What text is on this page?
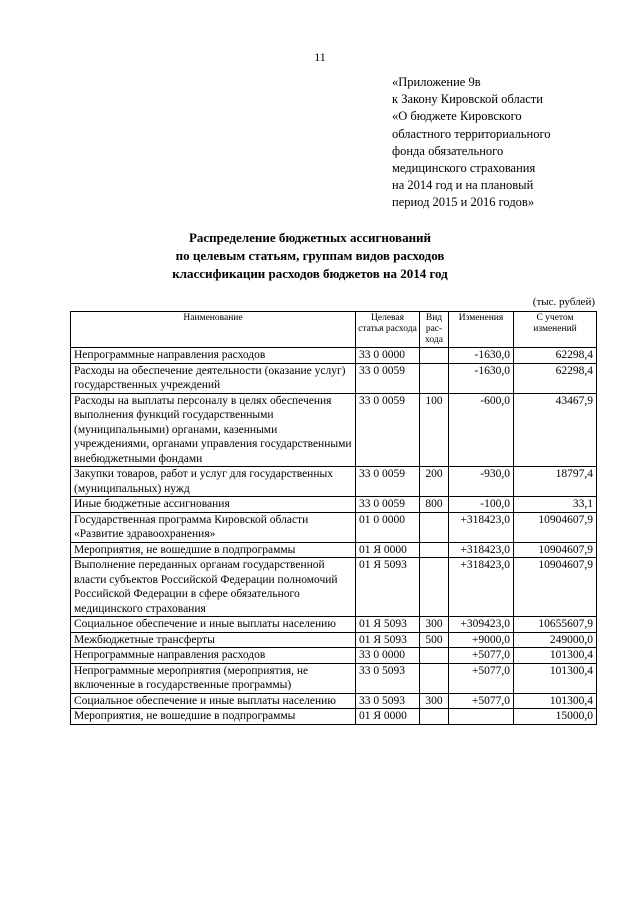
11
«Приложение 9в
к Закону Кировской области
«О бюджете Кировского
областного территориального
фонда обязательного
медицинского страхования
на 2014 год и на плановый
период 2015 и 2016 годов»
Распределение бюджетных ассигнований
по целевым статьям, группам видов расходов
классификации расходов бюджетов на 2014 год
(тыс. рублей)
Наименование	Целевая статья расхода	Вид рас-хода	Изменения	С учетом изменений
Непрограммные направления расходов	33 0 0000		-1630,0	62298,4
Расходы на обеспечение деятельности (оказание услуг) государственных учреждений	33 0 0059		-1630,0	62298,4
Расходы на выплаты персоналу в целях обеспечения выполнения функций государственными (муниципальными) органами, казенными учреждениями, органами управления государственными внебюджетными фондами	33 0 0059	100	-600,0	43467,9
Закупки товаров, работ и услуг для государственных (муниципальных) нужд	33 0 0059	200	-930,0	18797,4
Иные бюджетные ассигнования	33 0 0059	800	-100,0	33,1
Государственная программа Кировской области «Развитие здравоохранения»	01 0 0000		+318423,0	10904607,9
Мероприятия, не вошедшие в подпрограммы	01 Я 0000		+318423,0	10904607,9
Выполнение переданных органам государственной власти субъектов Российской Федерации полномочий Российской Федерации в сфере обязательного медицинского страхования	01 Я 5093		+318423,0	10904607,9
Социальное обеспечение и иные выплаты населению	01 Я 5093	300	+309423,0	10655607,9
Межбюджетные трансферты	01 Я 5093	500	+9000,0	249000,0
Непрограммные направления расходов	33 0 0000		+5077,0	101300,4
Непрограммные мероприятия (мероприятия, не включенные в государственные программы)	33 0 5093		+5077,0	101300,4
Социальное обеспечение и иные выплаты населению	33 0 5093	300	+5077,0	101300,4
Мероприятия, не вошедшие в подпрограммы	01 Я 0000			15000,0
